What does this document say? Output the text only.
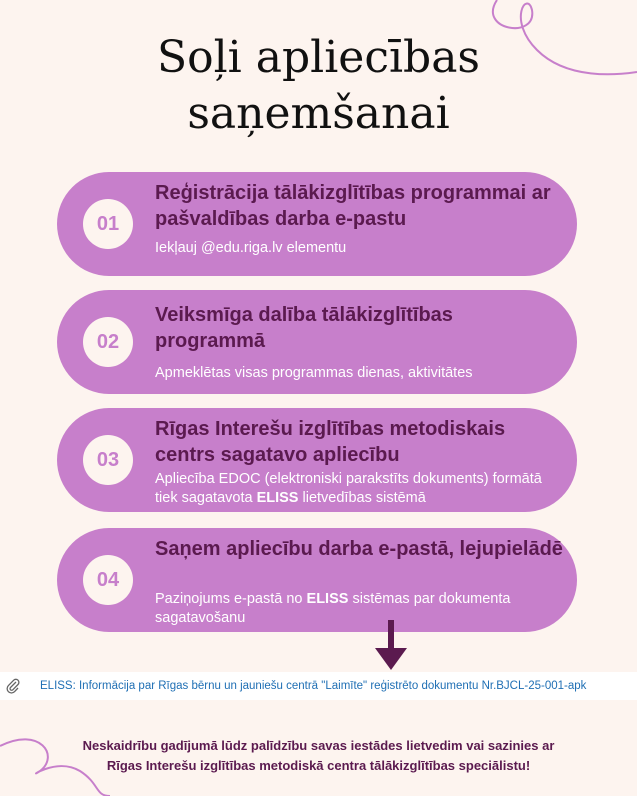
Soļi apliecības
saņemšanai
01
Reģistrācija tālākizglītības programmai ar pašvaldības darba e-pastu
Iekļauj @edu.riga.lv elementu
02
Veiksmīga dalība tālākizglītības programmā
Apmeklētas visas programmas dienas, aktivitātes
03
Rīgas Interešu izglītības metodiskais centrs sagatavo apliecību
Apliecība EDOC (elektroniski parakstīts dokuments) formātā tiek sagatavota ELISS lietvedības sistēmā
04
Saņem apliecību darba e-pastā, lejupielādē
Paziņojums e-pastā no ELISS sistēmas par dokumenta sagatavošanu
ELISS: Informācija par Rīgas bērnu un jauniešu centrā "Laimīte" reģistrēto dokumentu Nr.BJCL-25-001-apk
Neskaidrību gadījumā lūdz palīdzību savas iestādes lietvedim vai sazinies ar
Rīgas Interešu izglītības metodiskā centra tālākizglītības speciālistu!
